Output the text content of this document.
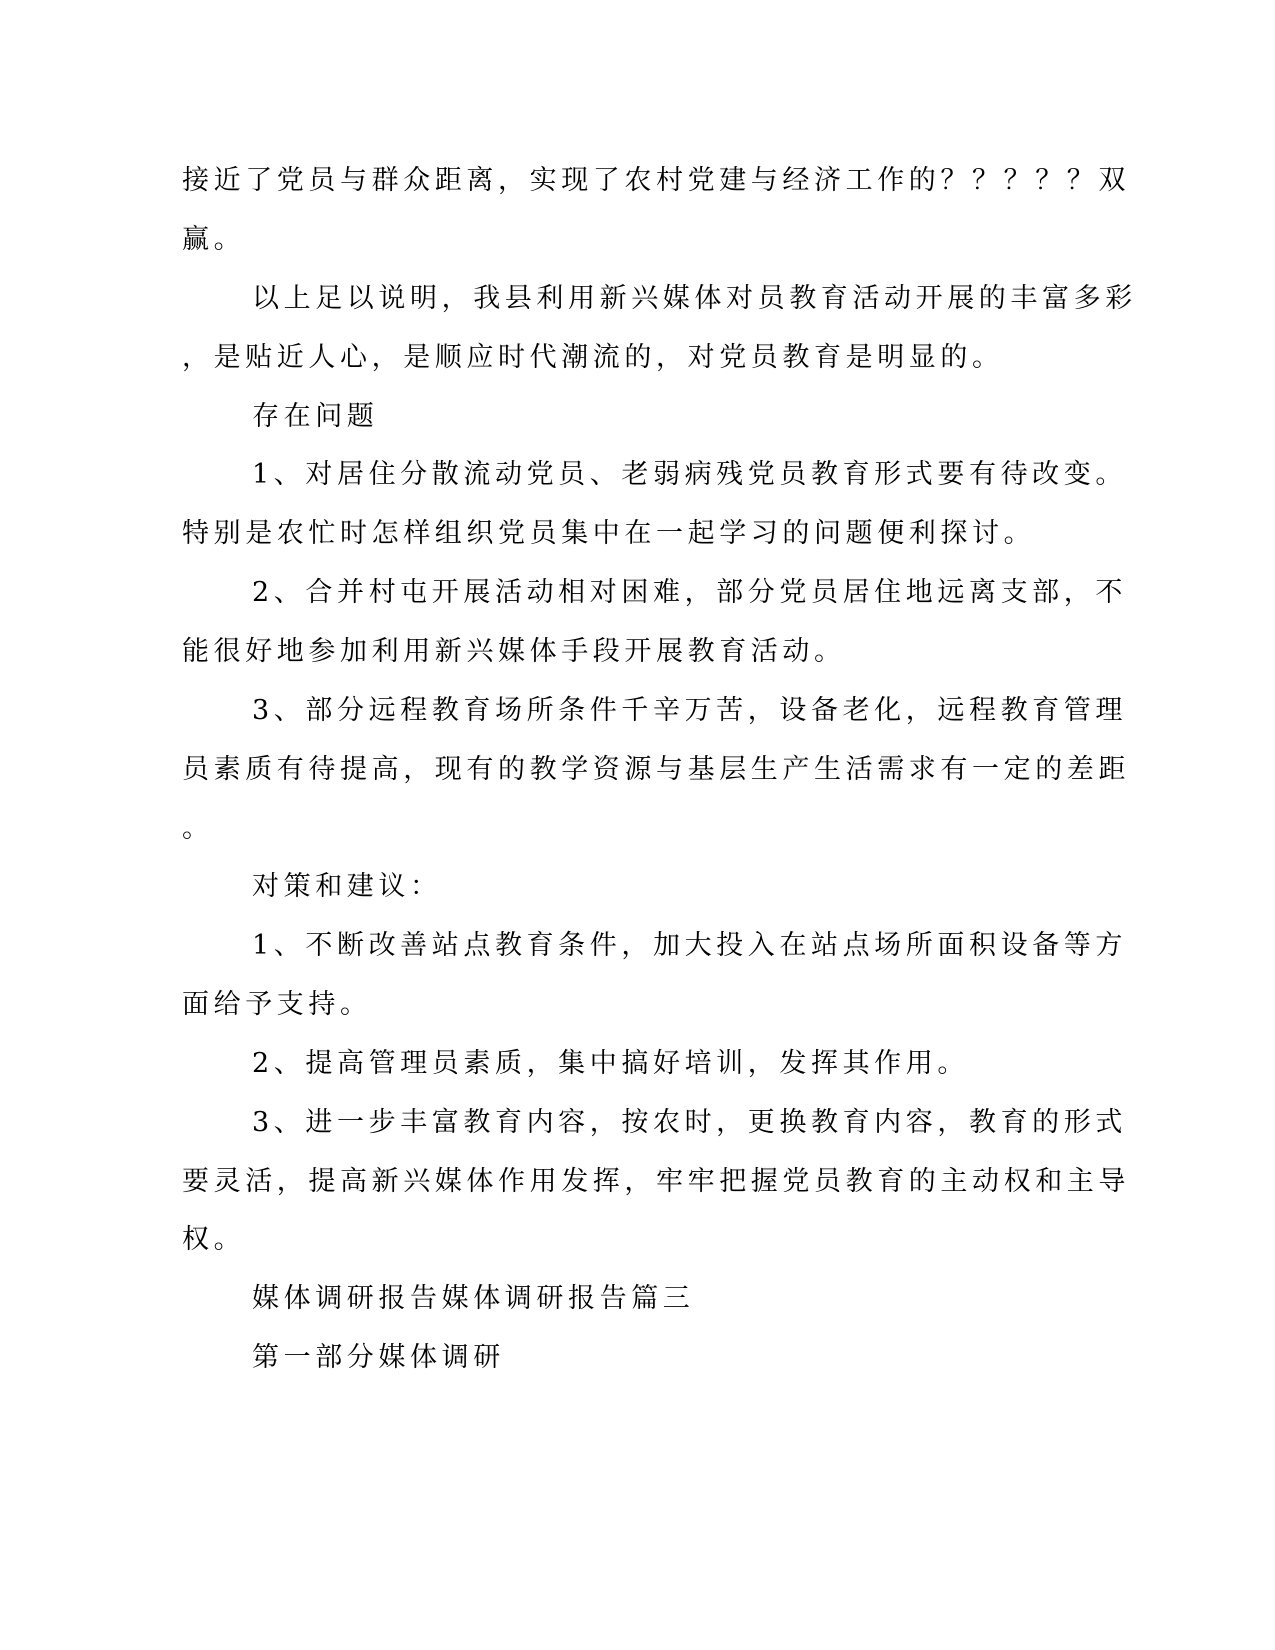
接近了党员与群众距离，实现了农村党建与经济工作的？？？？？双
赢。
以上足以说明，我县利用新兴媒体对员教育活动开展的丰富多彩
，是贴近人心，是顺应时代潮流的，对党员教育是明显的。
存在问题
1、对居住分散流动党员、老弱病残党员教育形式要有待改变。
特别是农忙时怎样组织党员集中在一起学习的问题便利探讨。
2、合并村屯开展活动相对困难，部分党员居住地远离支部，不
能很好地参加利用新兴媒体手段开展教育活动。
3、部分远程教育场所条件千辛万苦，设备老化，远程教育管理
员素质有待提高，现有的教学资源与基层生产生活需求有一定的差距
。
对策和建议：
1、不断改善站点教育条件，加大投入在站点场所面积设备等方
面给予支持。
2、提高管理员素质，集中搞好培训，发挥其作用。
3、进一步丰富教育内容，按农时，更换教育内容，教育的形式
要灵活，提高新兴媒体作用发挥，牢牢把握党员教育的主动权和主导
权。
媒体调研报告媒体调研报告篇三
第一部分媒体调研
